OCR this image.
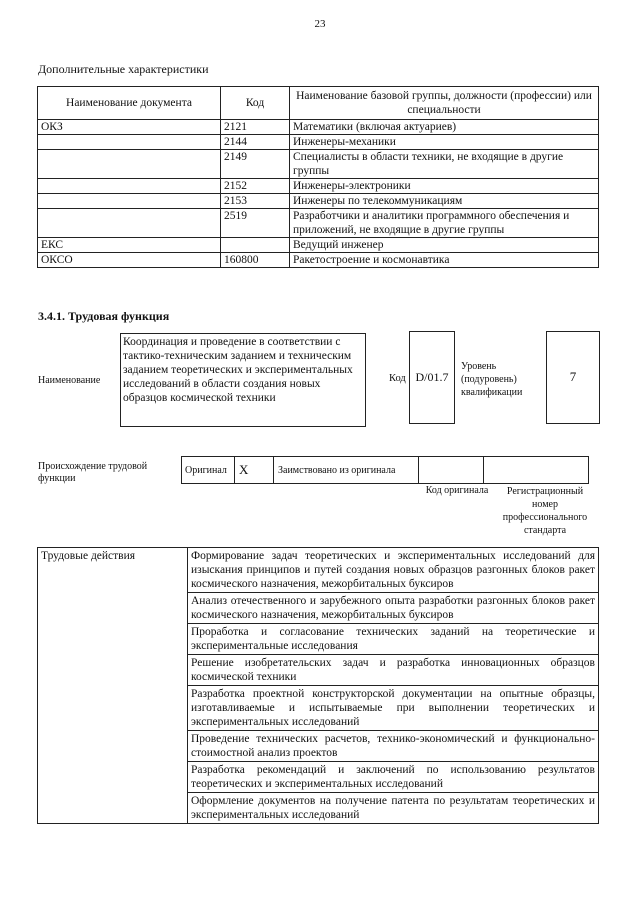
23
Дополнительные характеристики
Наименование документа	Код	Наименование базовой группы, должности (профессии) или специальности
ОКЗ	2121	Математики (включая актуариев)
	2144	Инженеры-механики
	2149	Специалисты в области техники, не входящие в другие группы
	2152	Инженеры-электроники
	2153	Инженеры по телекоммуникациям
	2519	Разработчики и аналитики программного обеспечения и приложений, не входящие в другие группы
ЕКС		Ведущий инженер
ОКСО	160800	Ракетостроение и космонавтика
3.4.1. Трудовая функция
Наименование
Координация и проведение в соответствии с тактико-техническим заданием и техническим заданием теоретических и экспериментальных исследований в области создания новых образцов космической техники
Код D/01.7
Уровень (подуровень) квалификации
7
Происхождение трудовой функции
Оригинал	X	Заимствовано из оригинала		
Код оригинала	Регистрационный номер профессионального стандарта
Трудовые действия	Формирование задач теоретических и экспериментальных исследований для изыскания принципов и путей создания новых образцов разгонных блоков ракет космического назначения, межорбитальных буксиров
Анализ отечественного и зарубежного опыта разработки разгонных блоков ракет космического назначения, межорбитальных буксиров
Проработка и согласование технических заданий на теоретические и экспериментальные исследования
Решение изобретательских задач и разработка инновационных образцов космической техники
Разработка проектной конструкторской документации на опытные образцы, изготавливаемые и испытываемые при выполнении теоретических и экспериментальных исследований
Проведение технических расчетов, технико-экономический и функционально-стоимостной анализ проектов
Разработка рекомендаций и заключений по использованию результатов теоретических и экспериментальных исследований
Оформление документов на получение патента по результатам теоретических и экспериментальных исследований
